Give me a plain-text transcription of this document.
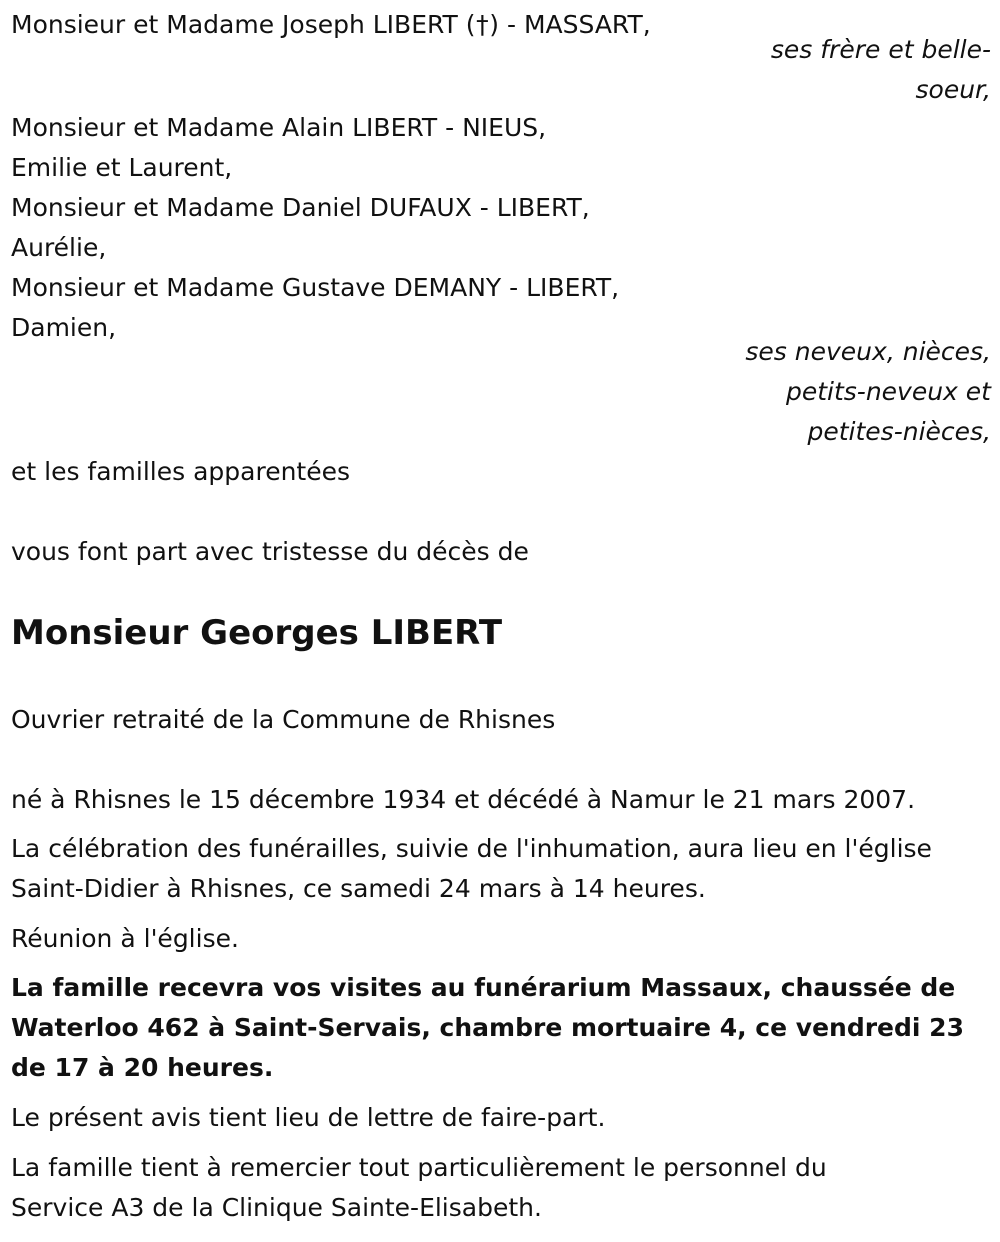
Monsieur et Madame Joseph LIBERT (†) - MASSART,
ses frère et belle-
soeur,
Monsieur et Madame Alain LIBERT - NIEUS,
Emilie et Laurent,
Monsieur et Madame Daniel DUFAUX - LIBERT,
Aurélie,
Monsieur et Madame Gustave DEMANY - LIBERT,
Damien,
ses neveux, nièces,
petits-neveux et
petites-nièces,
et les familles apparentées
vous font part avec tristesse du décès de
Monsieur Georges LIBERT
Ouvrier retraité de la Commune de Rhisnes
né à Rhisnes le 15 décembre 1934 et décédé à Namur le 21 mars 2007.
La célébration des funérailles, suivie de l'inhumation, aura lieu en l'église Saint-Didier à Rhisnes, ce samedi 24 mars à 14 heures.
Réunion à l'église.
La famille recevra vos visites au funérarium Massaux, chaussée de Waterloo 462 à Saint-Servais, chambre mortuaire 4, ce vendredi 23 de 17 à 20 heures.
Le présent avis tient lieu de lettre de faire-part.
La famille tient à remercier tout particulièrement le personnel du Service A3 de la Clinique Sainte-Elisabeth.
